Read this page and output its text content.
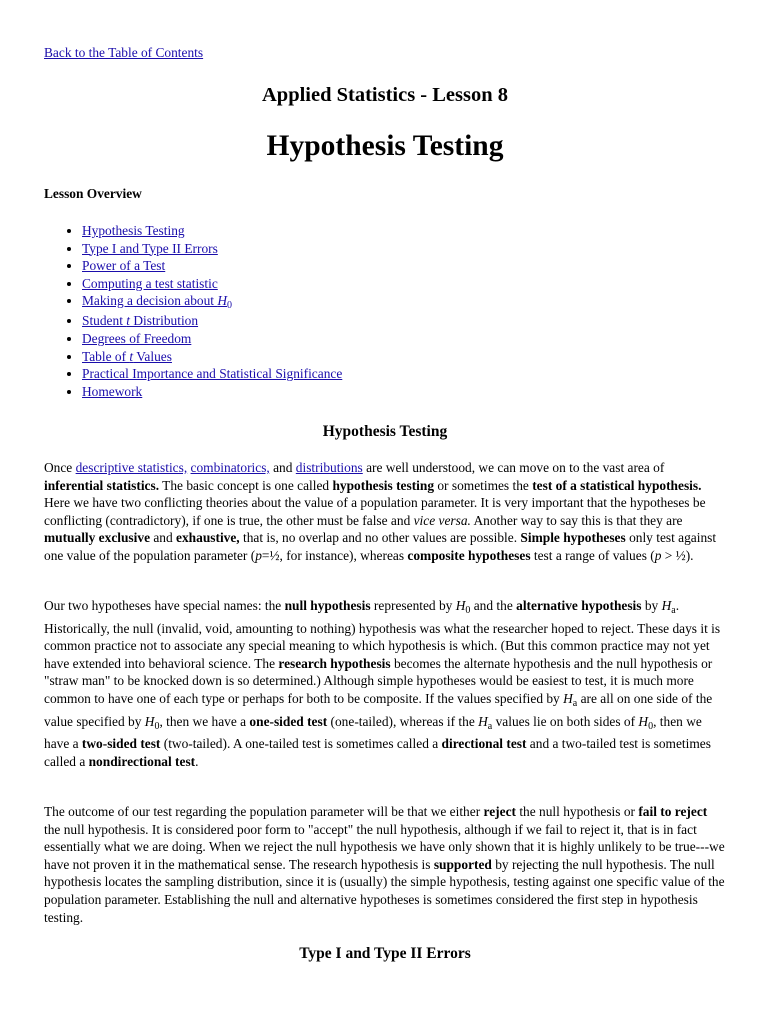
Back to the Table of Contents
Applied Statistics - Lesson 8
Hypothesis Testing
Lesson Overview
• Hypothesis Testing
• Type I and Type II Errors
• Power of a Test
• Computing a test statistic
• Making a decision about $H_0$
• Student t Distribution
• Degrees of Freedom
• Table of t Values
• Practical Importance and Statistical Significance
• Homework
Hypothesis Testing

Once descriptive statistics, combinatorics, and distributions are well understood, we can move on to the vast area of inferential statistics. The basic concept is one called hypothesis testing or sometimes the test of a statistical hypothesis. Here we have two conflicting theories about the value of a population parameter. It is very important that the hypotheses be conflicting (contradictory), if one is true, the other must be false and vice versa. Another way to say this is that they are mutually exclusive and exhaustive, that is, no overlap and no other values are possible. Simple hypotheses only test against one value of the population parameter (p=½, for instance), whereas composite hypotheses test a range of values (p > ½).

Our two hypotheses have special names: the null hypothesis represented by $H_0$ and the alternative hypothesis by $H_a$. Historically, the null (invalid, void, amounting to nothing) hypothesis was what the researcher hoped to reject. These days it is common practice not to associate any special meaning to which hypothesis is which. (But this common practice may not yet have extended into behavioral science. The research hypothesis becomes the alternate hypothesis and the null hypothesis or "straw man" to be knocked down is so determined.) Although simple hypotheses would be easiest to test, it is much more common to have one of each type or perhaps for both to be composite. If the values specified by $H_a$ are all on one side of the value specified by $H_0$, then we have a one-sided test (one-tailed), whereas if the $H_a$ values lie on both sides of $H_0$, then we have a two-sided test (two-tailed). A one-tailed test is sometimes called a directional test and a two-tailed test is sometimes called a nondirectional test.

The outcome of our test regarding the population parameter will be that we either reject the null hypothesis or fail to reject the null hypothesis. It is considered poor form to "accept" the null hypothesis, although if we fail to reject it, that is in fact essentially what we are doing. When we reject the null hypothesis we have only shown that it is highly unlikely to be true---we have not proven it in the mathematical sense. The research hypothesis is supported by rejecting the null hypothesis. The null hypothesis locates the sampling distribution, since it is (usually) the simple hypothesis, testing against one specific value of the population parameter. Establishing the null and alternative hypotheses is sometimes considered the first step in hypothesis testing.

Type I and Type II Errors
